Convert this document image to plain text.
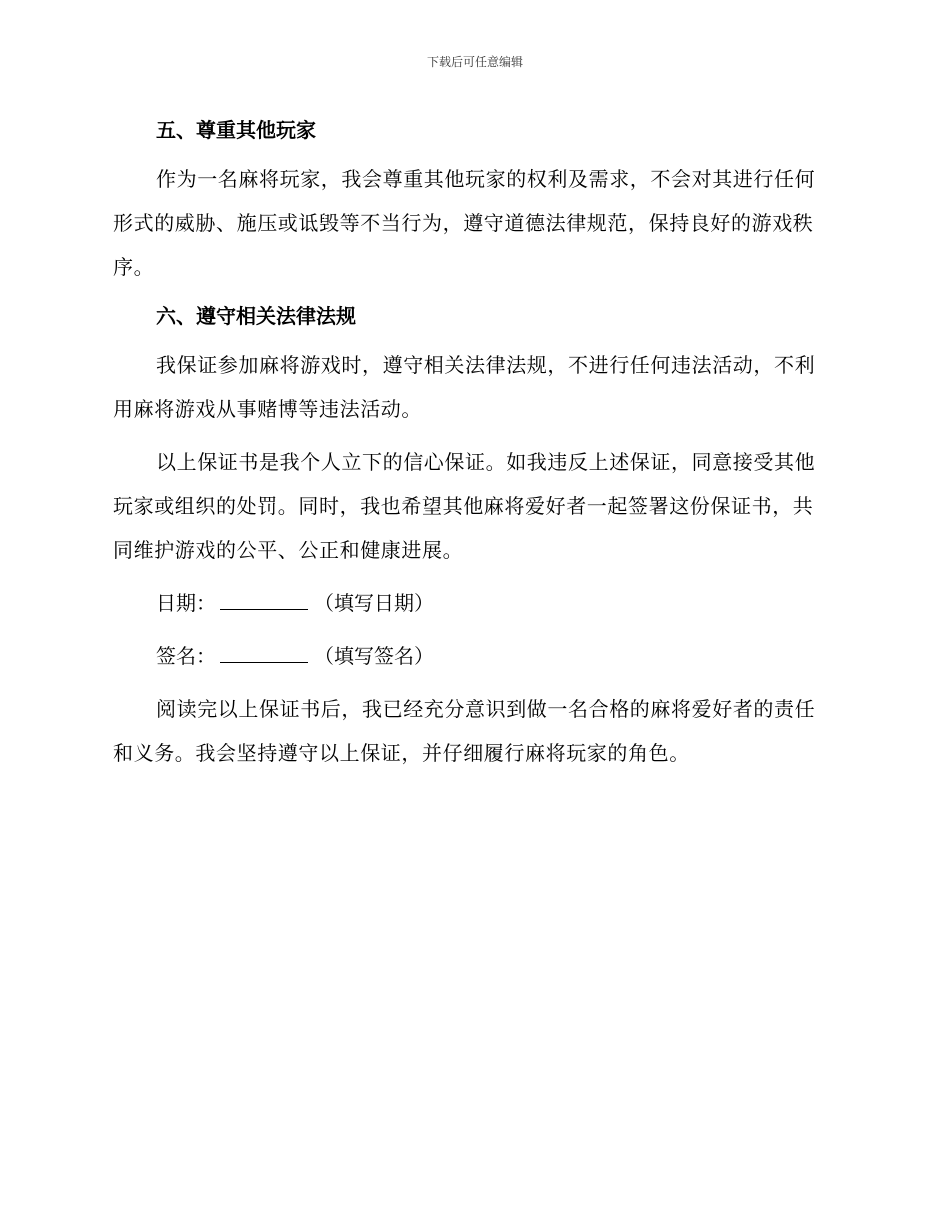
下载后可任意编辑
五、尊重其他玩家

作为一名麻将玩家，我会尊重其他玩家的权利及需求，不会对其进行任何形式的威胁、施压或诋毁等不当行为，遵守道德法律规范，保持良好的游戏秩序。

六、遵守相关法律法规

我保证参加麻将游戏时，遵守相关法律法规，不进行任何违法活动，不利用麻将游戏从事赌博等违法活动。

以上保证书是我个人立下的信心保证。如我违反上述保证，同意接受其他玩家或组织的处罚。同时，我也希望其他麻将爱好者一起签署这份保证书，共同维护游戏的公平、公正和健康进展。

日期：	（填写日期）
签名：	（填写签名）

阅读完以上保证书后，我已经充分意识到做一名合格的麻将爱好者的责任和义务。我会坚持遵守以上保证，并仔细履行麻将玩家的角色。
